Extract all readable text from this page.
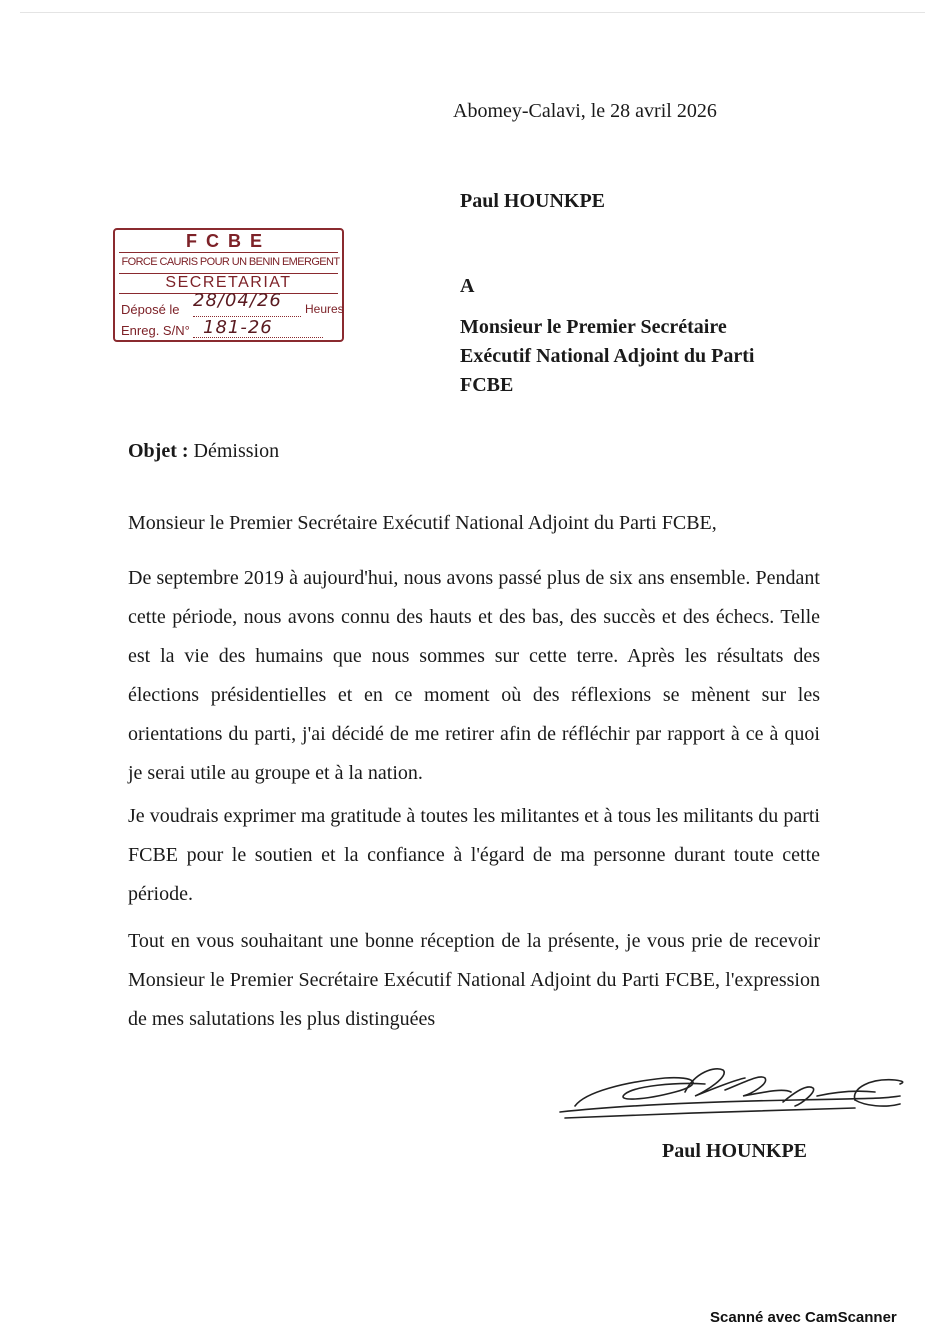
Abomey-Calavi, le 28 avril 2026
Paul HOUNKPE
FCBE
FORCE CAURIS POUR UN BENIN EMERGENT
SECRETARIAT
Déposé le 28/04/26 Heures
Enreg. S/N° 181-26
A
Monsieur le Premier Secrétaire
Exécutif National Adjoint du Parti
FCBE
Objet : Démission
Monsieur le Premier Secrétaire Exécutif National Adjoint du Parti FCBE,
De septembre 2019 à aujourd'hui, nous avons passé plus de six ans ensemble. Pendant cette période, nous avons connu des hauts et des bas, des succès et des échecs. Telle est la vie des humains que nous sommes sur cette terre. Après les résultats des élections présidentielles et en ce moment où des réflexions se mènent sur les orientations du parti, j'ai décidé de me retirer afin de réfléchir par rapport à ce à quoi je serai utile au groupe et à la nation.
Je voudrais exprimer ma gratitude à toutes les militantes et à tous les militants du parti FCBE pour le soutien et la confiance à l'égard de ma personne durant toute cette période.
Tout en vous souhaitant une bonne réception de la présente, je vous prie de recevoir Monsieur le Premier Secrétaire Exécutif National Adjoint du Parti FCBE, l'expression de mes salutations les plus distinguées
Paul HOUNKPE
Scanné avec CamScanner
